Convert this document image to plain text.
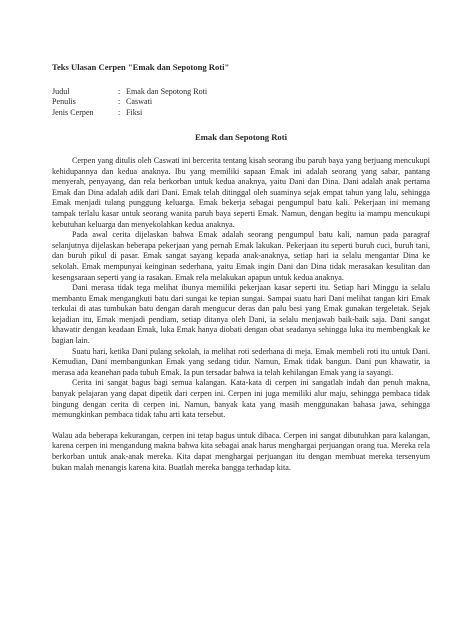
Teks Ulasan Cerpen "Emak dan Sepotong Roti"
Judul	: Emak dan Sepotong Roti
Penulis	: Caswati
Jenis Cerpen	: Fiksi
Emak dan Sepotong Roti

Cerpen yang ditulis oleh Caswati ini bercerita tentang kisah seorang ibu paruh baya yang berjuang mencukupi kehidupannya dan kedua anaknya. Ibu yang memiliki sapaan Emak ini adalah seorang yang sabar, pantang menyerah, penyayang, dan rela berkorban untuk kedua anaknya, yaitu Dani dan Dina. Dani adalah anak pertama Emak dan Dina adalah adik dari Dani. Emak telah ditinggal oleh suaminya sejak empat tahun yang lalu, sehingga Emak menjadi tulang punggung keluarga. Emak bekerja sebagai pengumpul batu kali. Pekerjaan ini memang tampak terlalu kasar untuk seorang wanita paruh baya seperti Emak. Namun, dengan begitu ia mampu mencukupi kebutuhan keluarga dan menyekolahkan kedua anaknya.

Pada awal cerita dijelaskan bahwa Emak adalah seorang pengumpul batu kali, namun pada paragraf selanjutnya dijelaskan beberapa pekerjaan yang pernah Emak lakukan. Pekerjaan itu seperti buruh cuci, buruh tani, dan buruh pikul di pasar. Emak sangat sayang kepada anak-anaknya, setiap hari ia selalu mengantar Dina ke sekolah. Emak mempunyai keinginan sederhana, yaitu Emak ingin Dani dan Dina tidak merasakan kesulitan dan kesengsaraan seperti yang ia rasakan. Emak rela melakukan apapun untuk kedua anaknya.

Dani merasa tidak tega melihat ibunya memiliki pekerjaan kasar seperti itu. Setiap hari Minggu ia selalu membantu Emak mengangkuti batu dari sungai ke tepian sungai. Sampai suatu hari Dani melihat tangan kiri Emak terkulai di atas tumbukan batu dengan darah mengucur deras dan palu besi yang Emak gunakan tergeletak. Sejak kejadian itu, Emak menjadi pendiam, setiap ditanya oleh Dani, ia selalu menjawab baik-baik saja. Dani sangat khawatir dengan keadaan Emak, luka Emak hanya diobati dengan obat seadanya sehingga luka itu membengkak ke bagian lain.

Suatu hari, ketika Dani pulang sekolah, ia melihat roti sederhana di meja. Emak membeli roti itu untuk Dani. Kemudian, Dani membangunkan Emak yang sedang tidur. Namun, Emak tidak bangun. Dani pun khawatir, ia merasa ada keanehan pada tubuh Emak. Ia pun tersadar bahwa ia telah kehilangan Emak yang ia sayangi.

Cerita ini sangat bagus bagi semua kalangan. Kata-kata di cerpen ini sangatlah indah dan penuh makna, banyak pelajaran yang dapat dipetik dari cerpen ini. Cerpen ini juga memiliki alur maju, sehingga pembaca tidak bingung dengan cerita di cerpen ini. Namun, banyak kata yang masih menggunakan bahasa jawa, sehingga memungkinkan pembaca tidak tahu arti kata tersebut.

Walau ada beberapa kekurangan, cerpen ini tetap bagus untuk dibaca. Cerpen ini sangat dibutuhkan para kalangan, karena cerpen ini mengandung makna bahwa kita sebagai anak harus menghargai perjuangan orang tua. Mereka rela berkorban untuk anak-anak mereka. Kita dapat menghargai perjuangan itu dengan membuat mereka tersenyum bukan malah menangis karena kita. Buatlah mereka bangga terhadap kita.
